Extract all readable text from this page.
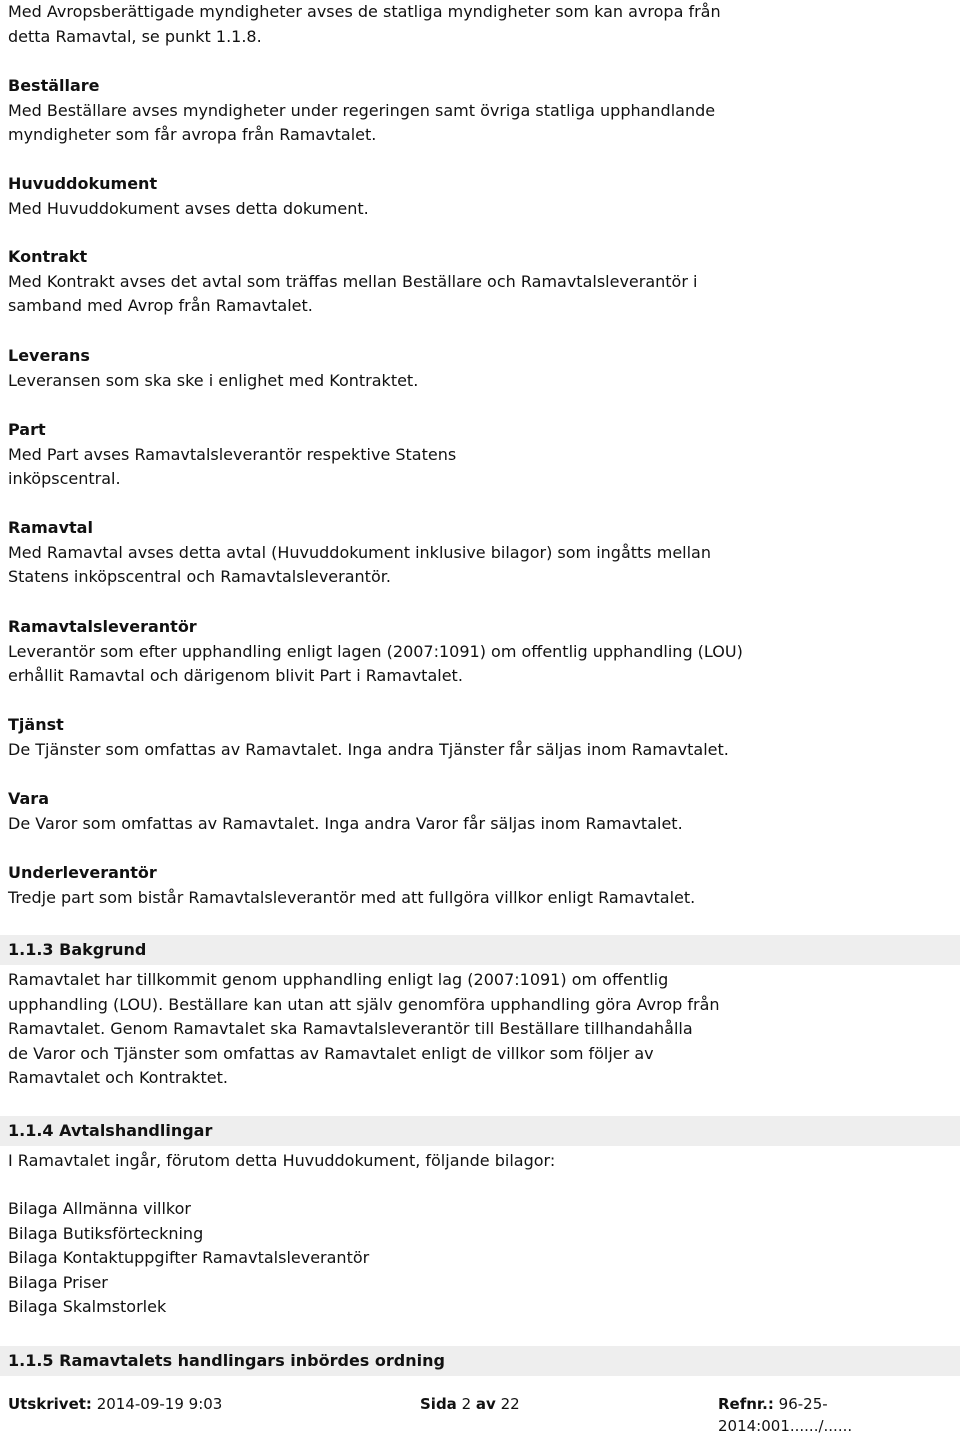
Med Avropsberättigade myndigheter avses de statliga myndigheter som kan avropa från
detta Ramavtal, se punkt 1.1.8.

Beställare

Med Beställare avses myndigheter under regeringen samt övriga statliga upphandlande
myndigheter som får avropa från Ramavtalet.

Huvuddokument

Med Huvuddokument avses detta dokument.

Kontrakt

Med Kontrakt avses det avtal som träffas mellan Beställare och Ramavtalsleverantör i
samband med Avrop från Ramavtalet.

Leverans

Leveransen som ska ske i enlighet med Kontraktet.

Part

Med Part avses Ramavtalsleverantör respektive Statens
inköpscentral.

Ramavtal

Med Ramavtal avses detta avtal (Huvuddokument inklusive bilagor) som ingåtts mellan
Statens inköpscentral och Ramavtalsleverantör.

Ramavtalsleverantör

Leverantör som efter upphandling enligt lagen (2007:1091) om offentlig upphandling (LOU)
erhållit Ramavtal och därigenom blivit Part i Ramavtalet.

Tjänst

De Tjänster som omfattas av Ramavtalet. Inga andra Tjänster får säljas inom Ramavtalet.

Vara

De Varor som omfattas av Ramavtalet. Inga andra Varor får säljas inom Ramavtalet.

Underleverantör

Tredje part som bistår Ramavtalsleverantör med att fullgöra villkor enligt Ramavtalet.

1.1.3 Bakgrund

Ramavtalet har tillkommit genom upphandling enligt lag (2007:1091) om offentlig
upphandling (LOU). Beställare kan utan att själv genomföra upphandling göra Avrop från
Ramavtalet. Genom Ramavtalet ska Ramavtalsleverantör till Beställare tillhandahålla
de Varor och Tjänster som omfattas av Ramavtalet enligt de villkor som följer av
Ramavtalet och Kontraktet.

1.1.4 Avtalshandlingar

I Ramavtalet ingår, förutom detta Huvuddokument, följande bilagor:

Bilaga Allmänna villkor

Bilaga Butiksförteckning

Bilaga Kontaktuppgifter Ramavtalsleverantör

Bilaga Priser

Bilaga Skalmstorlek

1.1.5 Ramavtalets handlingars inbördes ordning
Utskrivet: 2014-09-19 9:03	Sida 2 av 22	Refnr.: 96-25-2014:001....../......
